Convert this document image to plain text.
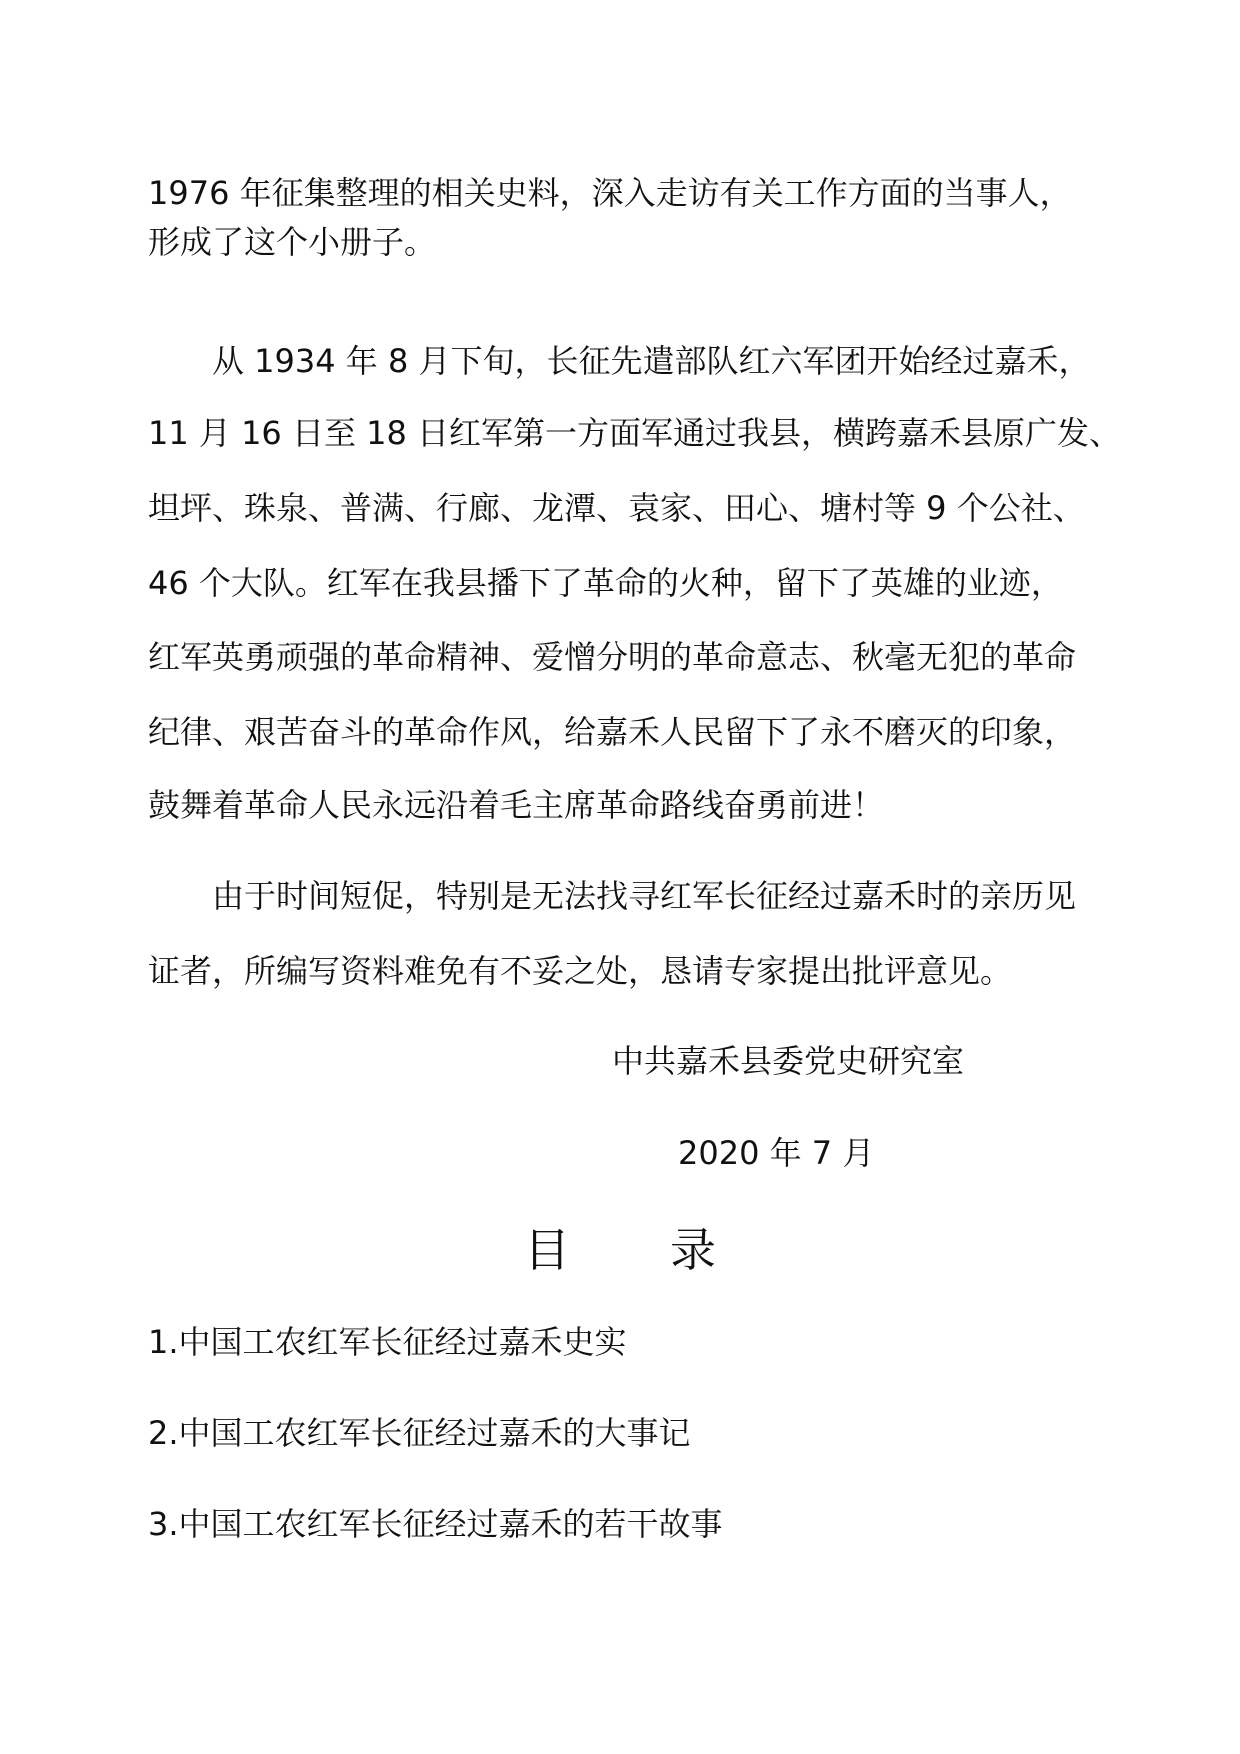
1976 年征集整理的相关史料，深入走访有关工作方面的当事人，
形成了这个小册子。
从 1934 年 8 月下旬，长征先遣部队红六军团开始经过嘉禾，
11 月 16 日至 18 日红军第一方面军通过我县，横跨嘉禾县原广发、
坦坪、珠泉、普满、行廊、龙潭、袁家、田心、塘村等 9 个公社、
46 个大队。红军在我县播下了革命的火种，留下了英雄的业迹，
红军英勇顽强的革命精神、爱憎分明的革命意志、秋毫无犯的革命
纪律、艰苦奋斗的革命作风，给嘉禾人民留下了永不磨灭的印象，
鼓舞着革命人民永远沿着毛主席革命路线奋勇前进！
由于时间短促，特别是无法找寻红军长征经过嘉禾时的亲历见
证者，所编写资料难免有不妥之处，恳请专家提出批评意见。
中共嘉禾县委党史研究室
2020 年 7 月
目 录
1.中国工农红军长征经过嘉禾史实
2.中国工农红军长征经过嘉禾的大事记
3.中国工农红军长征经过嘉禾的若干故事
